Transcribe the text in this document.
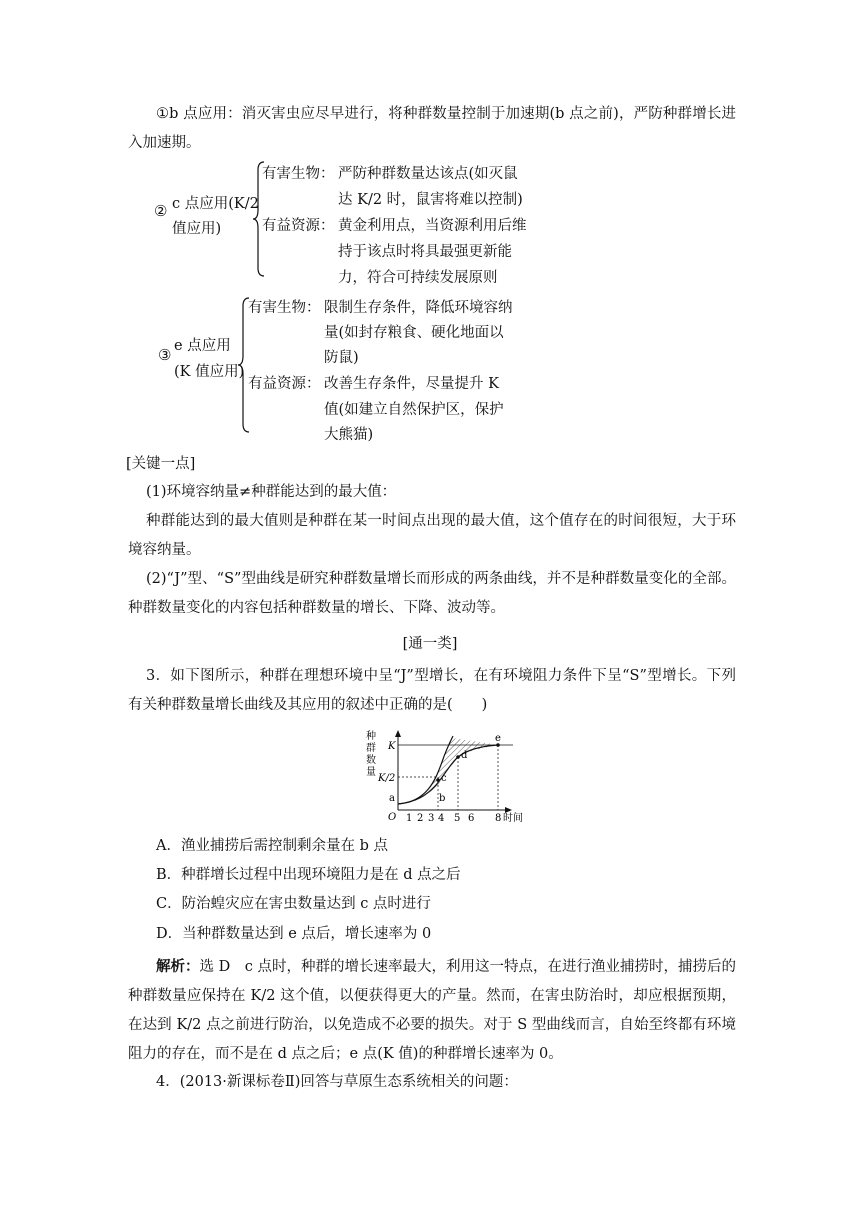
①b 点应用：消灭害虫应尽早进行，将种群数量控制于加速期(b 点之前)，严防种群增长进入加速期。
② c 点应用(K/2
值应用)
有害生物： 严防种群数量达该点(如灭鼠
达 K/2 时，鼠害将难以控制)
有益资源： 黄金利用点，当资源利用后维
持于该点时将具最强更新能
力，符合可持续发展原则
③ e 点应用
(K 值应用)
有害生物： 限制生存条件，降低环境容纳
量(如封存粮食、硬化地面以
防鼠)
有益资源： 改善生存条件，尽量提升 K
值(如建立自然保护区，保护
大熊猫)
[关键一点]
(1)环境容纳量≠种群能达到的最大值：
种群能达到的最大值则是种群在某一时间点出现的最大值，这个值存在的时间很短，大于环境容纳量。
(2)“J”型、“S”型曲线是研究种群数量增长而形成的两条曲线，并不是种群数量变化的全部。种群数量变化的内容包括种群数量的增长、下降、波动等。
[通一类]
3．如下图所示，种群在理想环境中呈“J”型增长，在有环境阻力条件下呈“S”型增长。下列有关种群数量增长曲线及其应用的叙述中正确的是(　　)
种
群
数
量
a	b
c
d
e
K
K/2
O 1 2 3 4 5 6 8 时间
A．渔业捕捞后需控制剩余量在 b 点
B．种群增长过程中出现环境阻力是在 d 点之后
C．防治蝗灾应在害虫数量达到 c 点时进行
D．当种群数量达到 e 点后，增长速率为 0
解析：选 D　c 点时，种群的增长速率最大，利用这一特点，在进行渔业捕捞时，捕捞后的种群数量应保持在 K/2 这个值，以便获得更大的产量。然而，在害虫防治时，却应根据预期，在达到 K/2 点之前进行防治，以免造成不必要的损失。对于 S 型曲线而言，自始至终都有环境阻力的存在，而不是在 d 点之后；e 点(K 值)的种群增长速率为 0。
4．(2013·新课标卷Ⅱ)回答与草原生态系统相关的问题：
